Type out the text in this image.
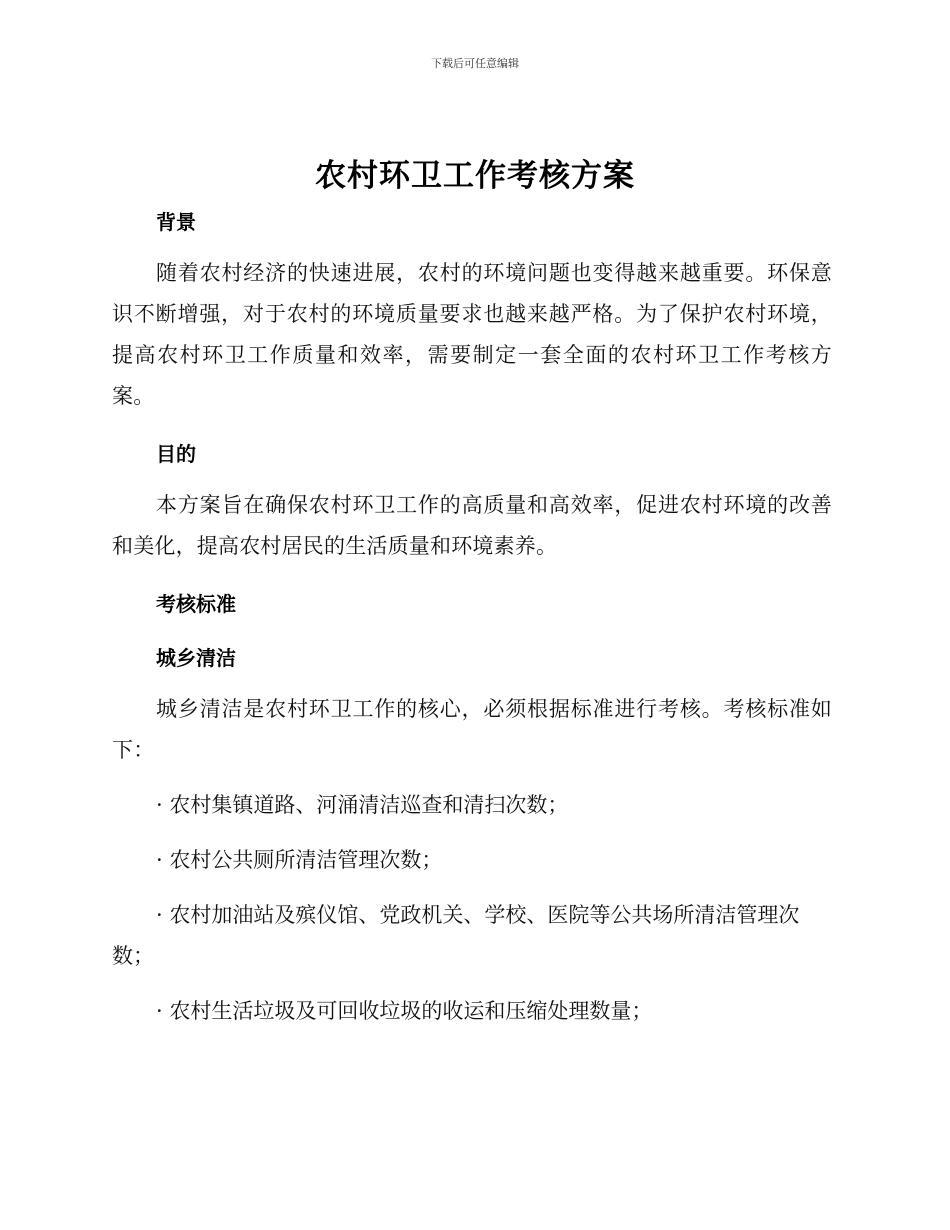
下载后可任意编辑
农村环卫工作考核方案

背景

随着农村经济的快速进展，农村的环境问题也变得越来越重要。环保意识不断增强，对于农村的环境质量要求也越来越严格。为了保护农村环境，提高农村环卫工作质量和效率，需要制定一套全面的农村环卫工作考核方案。

目的

本方案旨在确保农村环卫工作的高质量和高效率，促进农村环境的改善和美化，提高农村居民的生活质量和环境素养。

考核标准

城乡清洁

城乡清洁是农村环卫工作的核心，必须根据标准进行考核。考核标准如下：

· 农村集镇道路、河涌清洁巡查和清扫次数；

· 农村公共厕所清洁管理次数；

· 农村加油站及殡仪馆、党政机关、学校、医院等公共场所清洁管理次数；

· 农村生活垃圾及可回收垃圾的收运和压缩处理数量；
